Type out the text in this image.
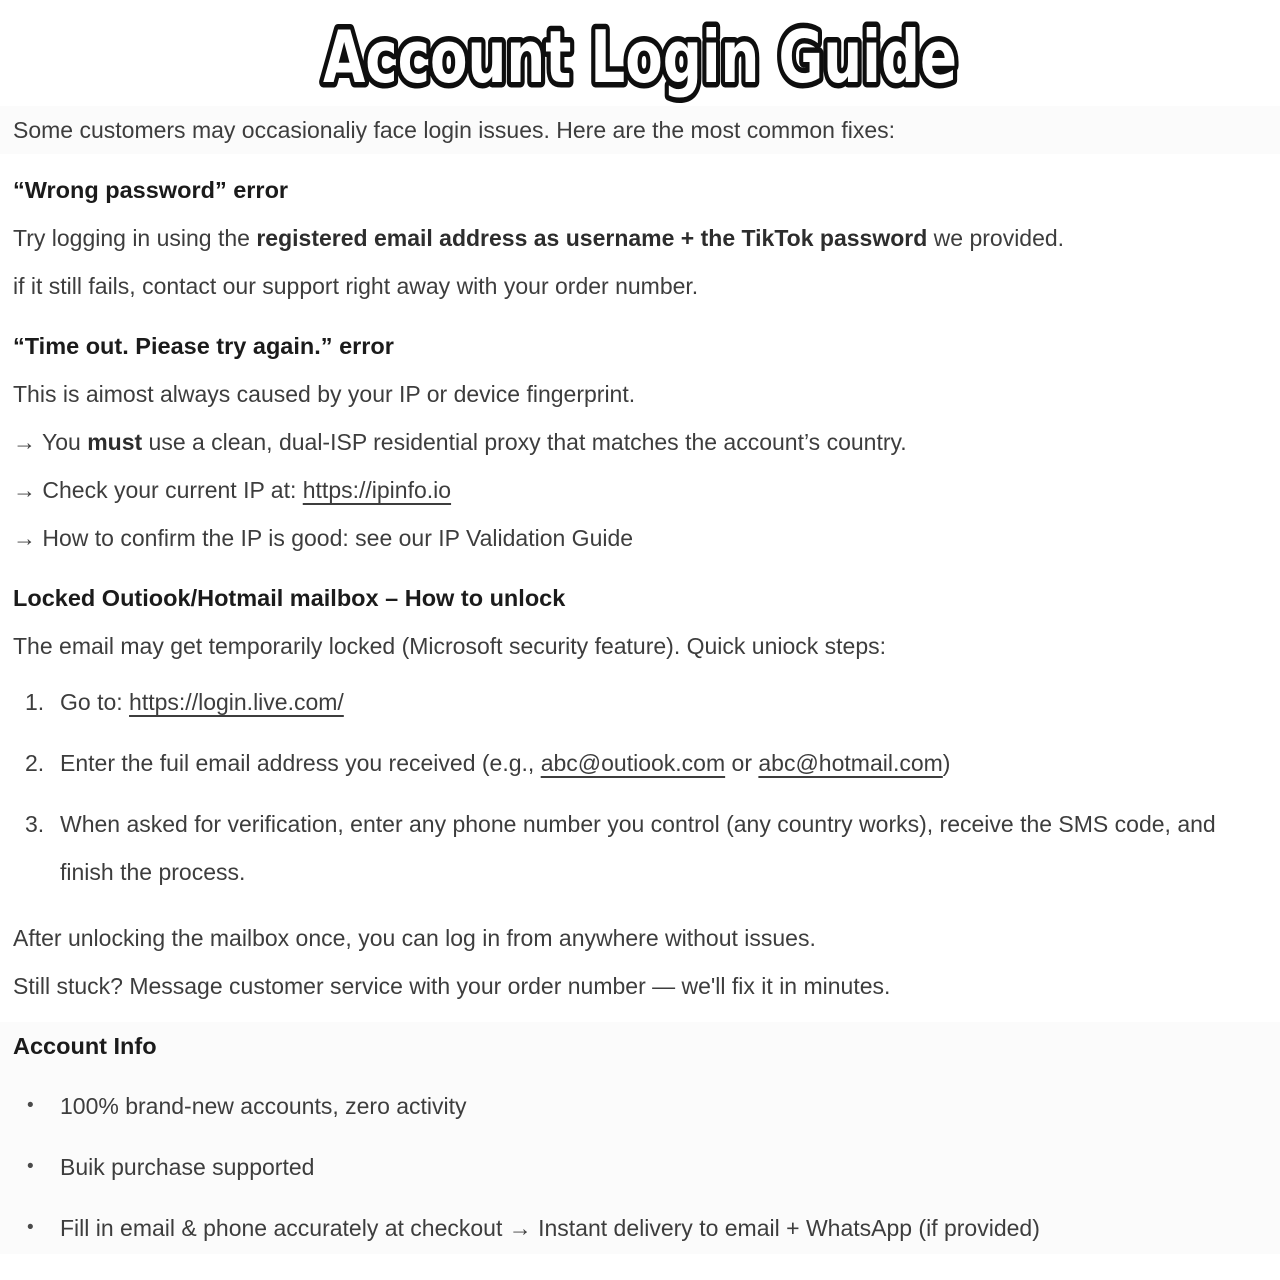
Account Login Guide

Some customers may occasionaliy face login issues. Here are the most common fixes:

“Wrong password” error

Try logging in using the registered email address as username + the TikTok password we provided.

if it still fails, contact our support right away with your order number.

“Time out. Piease try again.” error

This is aimost always caused by your IP or device fingerprint.

→ You must use a clean, dual-ISP residential proxy that matches the account’s country.

→ Check your current IP at: https://ipinfo.io

→ How to confirm the IP is good: see our IP Validation Guide

Locked Outiook/Hotmail mailbox – How to unlock

The email may get temporarily locked (Microsoft security feature). Quick uniock steps:

1. Go to: https://login.live.com/
2. Enter the fuil email address you received (e.g., abc@outiook.com or abc@hotmail.com)
3. When asked for verification, enter any phone number you control (any country works), receive the SMS code, and finish the process.

After unlocking the mailbox once, you can log in from anywhere without issues.

Still stuck? Message customer service with your order number — we'll fix it in minutes.

Account Info
•	100% brand-new accounts, zero activity
•	Buik purchase supported
•	Fill in email & phone accurately at checkout → Instant delivery to email + WhatsApp (if provided)
